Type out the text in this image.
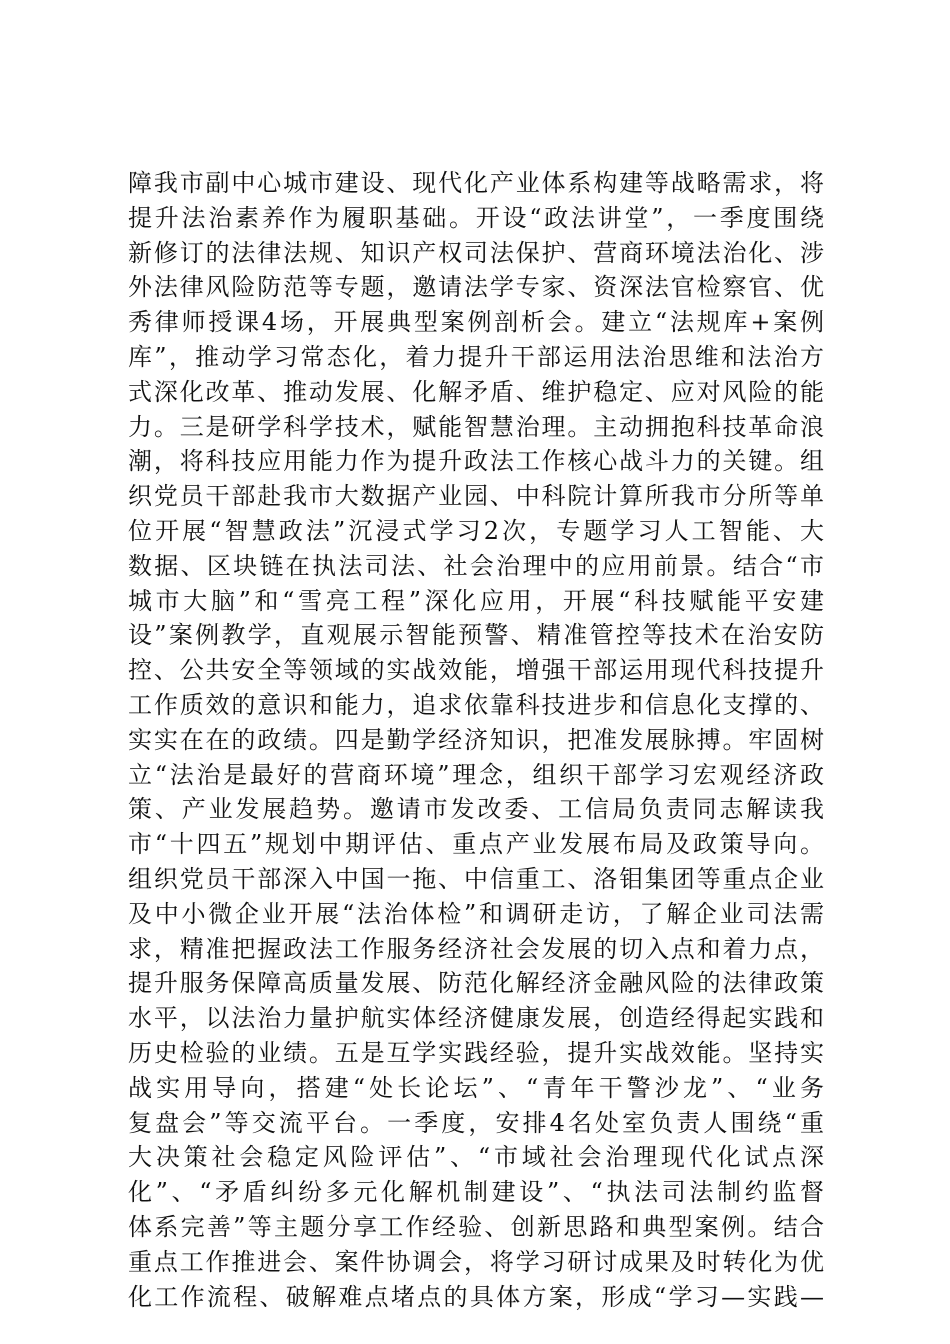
障我市副中心城市建设、现代化产业体系构建等战略需求，将
提升法治素养作为履职基础。开设“政法讲堂”，一季度围绕
新修订的法律法规、知识产权司法保护、营商环境法治化、涉
外法律风险防范等专题，邀请法学专家、资深法官检察官、优
秀律师授课4场，开展典型案例剖析会。建立“法规库+案例
库”，推动学习常态化，着力提升干部运用法治思维和法治方
式深化改革、推动发展、化解矛盾、维护稳定、应对风险的能
力。三是研学科学技术，赋能智慧治理。主动拥抱科技革命浪
潮，将科技应用能力作为提升政法工作核心战斗力的关键。组
织党员干部赴我市大数据产业园、中科院计算所我市分所等单
位开展“智慧政法”沉浸式学习2次，专题学习人工智能、大
数据、区块链在执法司法、社会治理中的应用前景。结合“市
城市大脑”和“雪亮工程”深化应用，开展“科技赋能平安建
设”案例教学，直观展示智能预警、精准管控等技术在治安防
控、公共安全等领域的实战效能，增强干部运用现代科技提升
工作质效的意识和能力，追求依靠科技进步和信息化支撑的、
实实在在的政绩。四是勤学经济知识，把准发展脉搏。牢固树
立“法治是最好的营商环境”理念，组织干部学习宏观经济政
策、产业发展趋势。邀请市发改委、工信局负责同志解读我
市“十四五”规划中期评估、重点产业发展布局及政策导向。
组织党员干部深入中国一拖、中信重工、洛钼集团等重点企业
及中小微企业开展“法治体检”和调研走访，了解企业司法需
求，精准把握政法工作服务经济社会发展的切入点和着力点，
提升服务保障高质量发展、防范化解经济金融风险的法律政策
水平，以法治力量护航实体经济健康发展，创造经得起实践和
历史检验的业绩。五是互学实践经验，提升实战效能。坚持实
战实用导向，搭建“处长论坛”、“青年干警沙龙”、“业务
复盘会”等交流平台。一季度，安排4名处室负责人围绕“重
大决策社会稳定风险评估”、“市域社会治理现代化试点深
化”、“矛盾纠纷多元化解机制建设”、“执法司法制约监督
体系完善”等主题分享工作经验、创新思路和典型案例。结合
重点工作推进会、案件协调会，将学习研讨成果及时转化为优
化工作流程、破解难点堵点的具体方案，形成“学习—实践—
